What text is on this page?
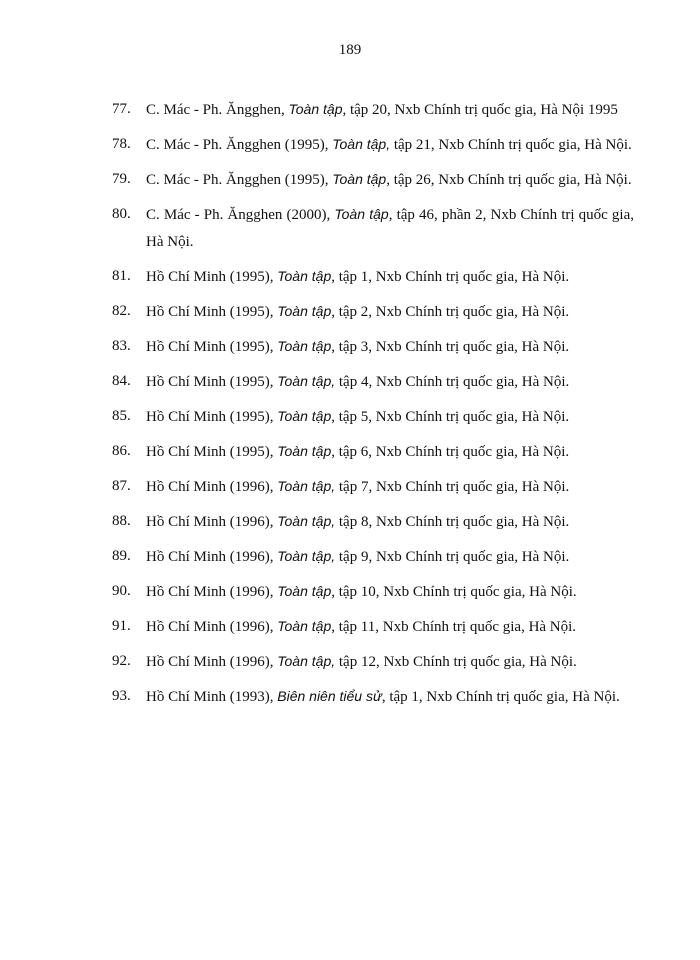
189
77. C. Mác - Ph. Ăngghen, Toàn tập, tập 20, Nxb Chính trị quốc gia, Hà Nội 1995
78. C. Mác - Ph. Ăngghen (1995), Toàn tập, tập 21, Nxb Chính trị quốc gia, Hà Nội.
79. C. Mác - Ph. Ăngghen (1995), Toàn tập, tập 26, Nxb Chính trị quốc gia, Hà Nội.
80. C. Mác - Ph. Ăngghen (2000), Toàn tập, tập 46, phần 2, Nxb Chính trị quốc gia, Hà Nội.
81. Hồ Chí Minh (1995), Toàn tập, tập 1, Nxb Chính trị quốc gia, Hà Nội.
82. Hồ Chí Minh (1995), Toàn tập, tập 2, Nxb Chính trị quốc gia, Hà Nội.
83. Hồ Chí Minh (1995), Toàn tập, tập 3, Nxb Chính trị quốc gia, Hà Nội.
84. Hồ Chí Minh (1995), Toàn tập, tập 4, Nxb Chính trị quốc gia, Hà Nội.
85. Hồ Chí Minh (1995), Toàn tập, tập 5, Nxb Chính trị quốc gia, Hà Nội.
86. Hồ Chí Minh (1995), Toàn tập, tập 6, Nxb Chính trị quốc gia, Hà Nội.
87. Hồ Chí Minh (1996), Toàn tập, tập 7, Nxb Chính trị quốc gia, Hà Nội.
88. Hồ Chí Minh (1996), Toàn tập, tập 8, Nxb Chính trị quốc gia, Hà Nội.
89. Hồ Chí Minh (1996), Toàn tập, tập 9, Nxb Chính trị quốc gia, Hà Nội.
90. Hồ Chí Minh (1996), Toàn tập, tập 10, Nxb Chính trị quốc gia, Hà Nội.
91. Hồ Chí Minh (1996), Toàn tập, tập 11, Nxb Chính trị quốc gia, Hà Nội.
92. Hồ Chí Minh (1996), Toàn tập, tập 12, Nxb Chính trị quốc gia, Hà Nội.
93. Hồ Chí Minh (1993), Biên niên tiểu sử, tập 1, Nxb Chính trị quốc gia, Hà Nội.
